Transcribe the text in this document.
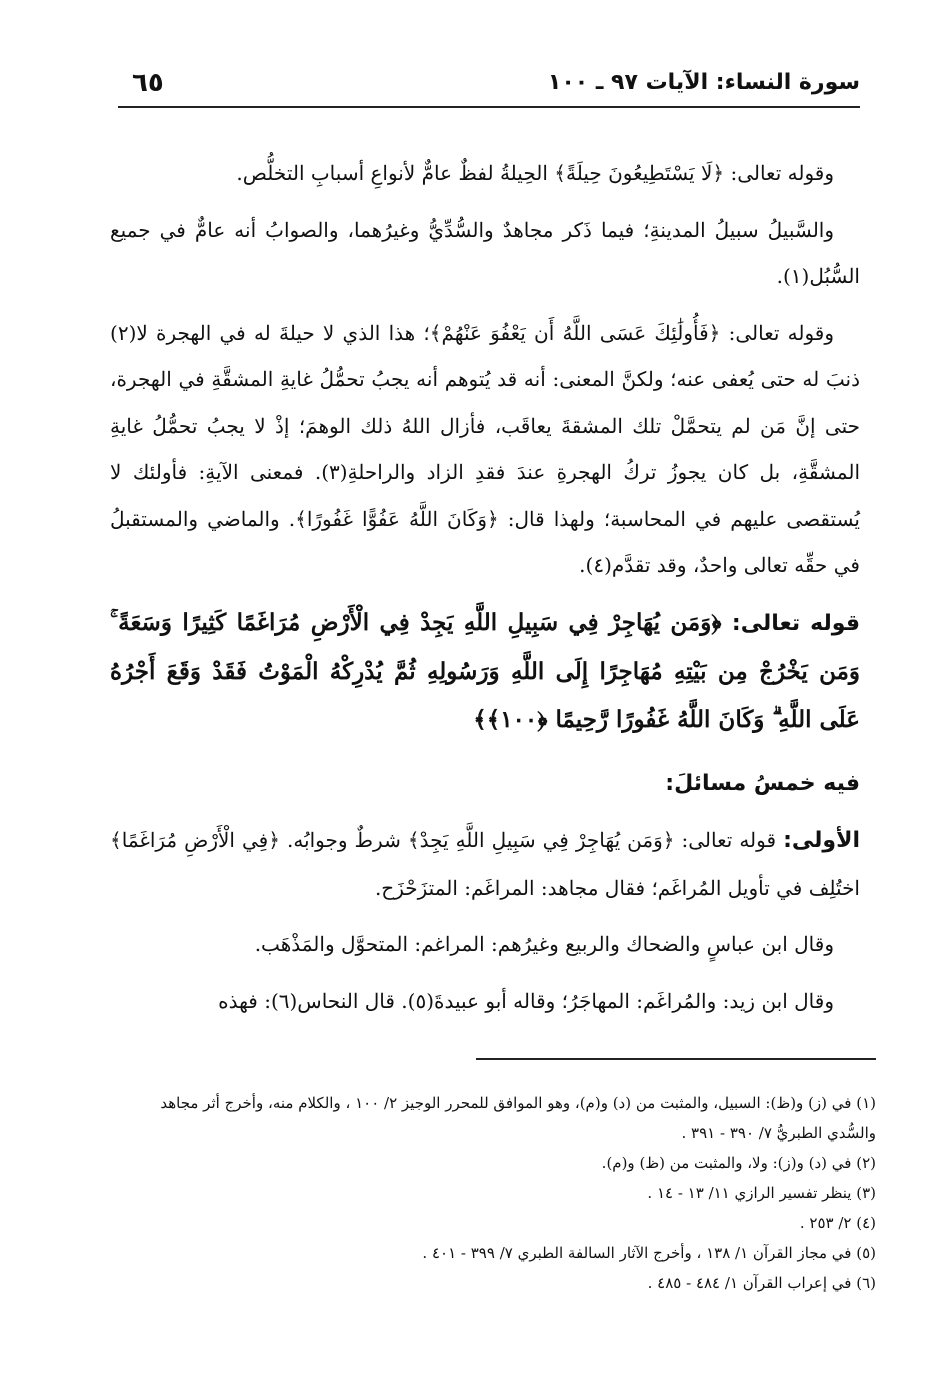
سورة النساء: الآيات ٩٧ ـ ١٠٠
٦٥

وقوله تعالى: ﴿لَا يَسْتَطِيعُونَ حِيلَةً﴾ الحِيلةُ لفظٌ عامٌّ لأنواعِ أسبابِ التخلُّص.

والسَّبيلُ سبيلُ المدينةِ؛ فيما ذَكر مجاهدٌ والسُّدِّيُّ وغيرُهما، والصوابُ أنه عامٌّ في جميع السُّبُل(١).

وقوله تعالى: ﴿فَأُولَٰئِكَ عَسَى اللَّهُ أَن يَعْفُوَ عَنْهُمْ﴾؛ هذا الذي لا حيلةَ له في الهجرة لا(٢) ذنبَ له حتى يُعفى عنه؛ ولكنَّ المعنى: أنه قد يُتوهم أنه يجبُ تحمُّلُ غايةِ المشقَّةِ في الهجرة، حتى إنَّ مَن لم يتحمَّلْ تلك المشقةَ يعاقَب، فأزال اللهُ ذلك الوهمَ؛ إذْ لا يجبُ تحمُّلُ غايةِ المشقَّةِ، بل كان يجوزُ تركُ الهجرةِ عندَ فقدِ الزاد والراحلةِ(٣). فمعنى الآيةِ: فأولئك لا يُستقصى عليهم في المحاسبة؛ ولهذا قال: ﴿وَكَانَ اللَّهُ عَفُوًّا غَفُورًا﴾. والماضي والمستقبلُ في حقِّه تعالى واحدٌ، وقد تقدَّم(٤).

قوله تعالى: ﴿وَمَن يُهَاجِرْ فِي سَبِيلِ اللَّهِ يَجِدْ فِي الْأَرْضِ مُرَاغَمًا كَثِيرًا وَسَعَةً ۚ وَمَن يَخْرُجْ مِن بَيْتِهِ مُهَاجِرًا إِلَى اللَّهِ وَرَسُولِهِ ثُمَّ يُدْرِكْهُ الْمَوْتُ فَقَدْ وَقَعَ أَجْرُهُ عَلَى اللَّهِ ۗ وَكَانَ اللَّهُ غَفُورًا رَّحِيمًا ﴿١٠٠﴾﴾

فيه خمسُ مسائلَ:

الأولى: قوله تعالى: ﴿وَمَن يُهَاجِرْ فِي سَبِيلِ اللَّهِ يَجِدْ﴾ شرطٌ وجوابُه. ﴿فِي الْأَرْضِ مُرَاغَمًا﴾ اختُلِف في تأويل المُراغَم؛ فقال مجاهد: المراغَم: المتزَحْزَح.

وقال ابن عباسٍ والضحاك والربيع وغيرُهم: المراغم: المتحوَّل والمَذْهَب.

وقال ابن زيد: والمُراغَم: المهاجَرُ؛ وقاله أبو عبيدةَ(٥). قال النحاس(٦): فهذه

(١) في (ز) و(ظ): السبيل، والمثبت من (د) و(م)، وهو الموافق للمحرر الوجيز ٢/ ١٠٠ ، والكلام منه، وأخرج أثر مجاهد والسُّدي الطبريُّ ٧/ ٣٩٠ - ٣٩١ .

(٢) في (د) و(ز): ولا، والمثبت من (ظ) و(م).

(٣) ينظر تفسير الرازي ١١/ ١٣ - ١٤ .

(٤) ٢/ ٢٥٣ .

(٥) في مجاز القرآن ١/ ١٣٨ ، وأخرج الآثار السالفة الطبري ٧/ ٣٩٩ - ٤٠١ .

(٦) في إعراب القرآن ١/ ٤٨٤ - ٤٨٥ .
